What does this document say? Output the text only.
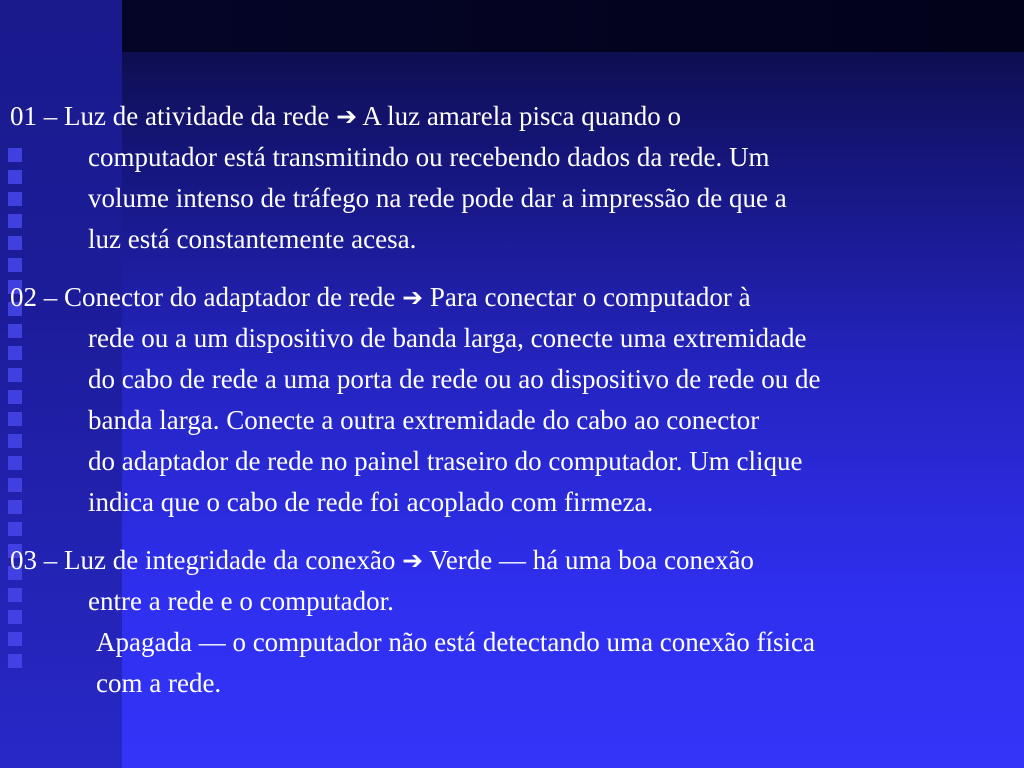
01 – Luz de atividade da rede ➔ A luz amarela pisca quando o
computador está transmitindo ou recebendo dados da rede. Um
volume intenso de tráfego na rede pode dar a impressão de que a
luz está constantemente acesa.
02 – Conector do adaptador de rede ➔ Para conectar o computador à
rede ou a um dispositivo de banda larga, conecte uma extremidade
do cabo de rede a uma porta de rede ou ao dispositivo de rede ou de
banda larga. Conecte a outra extremidade do cabo ao conector
do adaptador de rede no painel traseiro do computador. Um clique
indica que o cabo de rede foi acoplado com firmeza.
03 – Luz de integridade da conexão ➔ Verde — há uma boa conexão
entre a rede e o computador.
Apagada — o computador não está detectando uma conexão física
com a rede.
